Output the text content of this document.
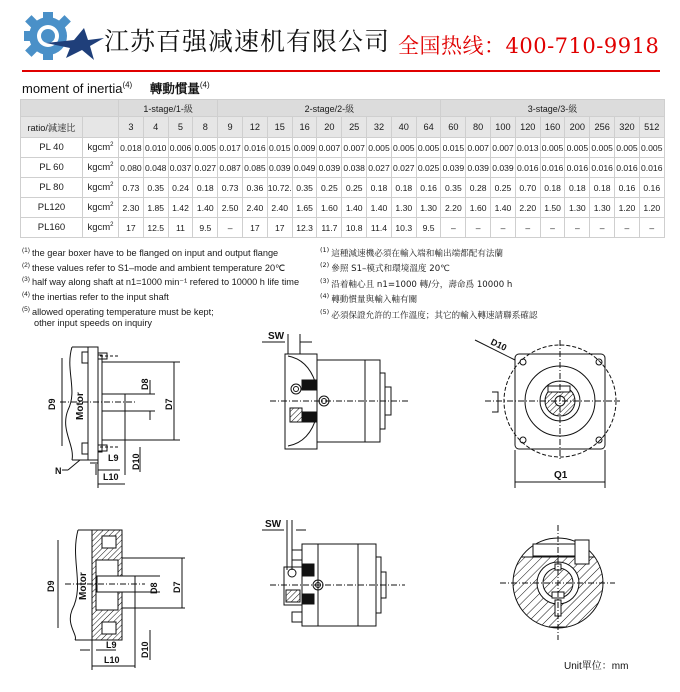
江苏百强减速机有限公司 全国热线：400-710-9918
moment of inertia$^{(4)}$ 轉動慣量$^{(4)}$
		1-stage/1-級				2-stage/2-級									3-stage/3-級								
ratio/減速比		3	4	5	8	9	12	15	16	20	25	32	40	64	60	80	100	120	160	200	256	320	512
PL 40	kgcm$^2$	0.018	0.010	0.006	0.005	0.017	0.016	0.015	0.009	0.007	0.007	0.005	0.005	0.005	0.015	0.007	0.007	0.013	0.005	0.005	0.005	0.005	0.005
PL 60	kgcm$^2$	0.080	0.048	0.037	0.027	0.087	0.085	0.039	0.049	0.039	0.038	0.027	0.027	0.025	0.039	0.039	0.039	0.016	0.016	0.016	0.016	0.016	0.016
PL 80	kgcm$^2$	0.73	0.35	0.24	0.18	0.73	0.36	10.72.	0.35	0.25	0.25	0.18	0.18	0.16	0.35	0.28	0.25	0.70	0.18	0.18	0.18	0.16	0.16
PL120	kgcm$^2$	2.30	1.85	1.42	1.40	2.50	2.40	2.40	1.65	1.60	1.40	1.40	1.30	1.30	2.20	1.60	1.40	2.20	1.50	1.30	1.30	1.20	1.20
PL160	kgcm$^2$	17	12.5	11	9.5	–	17	17	12.3	11.7	10.8	11.4	10.3	9.5	–	–	–	–	–	–	–	–	–
$^{(1)}$ the gear boxer have to be flanged on input and output flange
$^{(2)}$ these values refer to S1–mode and ambient temperature 20℃
$^{(3)}$ half way along shaft at n1=1000 min⁻¹ refered to 10000 h life time
$^{(4)}$ the inertias refer to the input shaft
$^{(5)}$ allowed operating temperature must be kept;
other input speeds on inquiry
$^{(1)}$ 這種減速機必須在輸入端和輸出端都配有法蘭
$^{(2)}$ 參照 S1–模式和環境溫度 20℃
$^{(3)}$ 沿着軸心且 n1=1000 轉/分，壽命爲 10000 h
$^{(4)}$ 轉動慣量與輸入軸有關
$^{(5)}$ 必須保證允許的工作溫度；其它的輸入轉速請聯系確認
D9 Motor
D8
D7
D10
L9
L10
N
SW
D10
Q1
D9 Motor	D8 D7
D10
L9
L10
SW
Unit單位：mm
